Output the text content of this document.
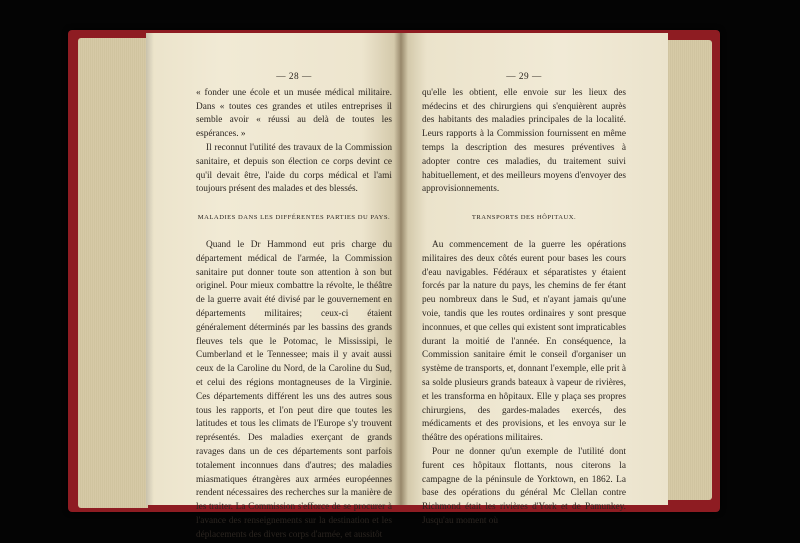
— 28 —

« fonder une école et un musée médical militaire. Dans « toutes ces grandes et utiles entreprises il semble avoir « réussi au delà de toutes les espérances. »

Il reconnut l'utilité des travaux de la Commission sanitaire, et depuis son élection ce corps devint ce qu'il devait être, l'aide du corps médical et l'ami toujours présent des malades et des blessés.

MALADIES DANS LES DIFFÉRENTES PARTIES DU PAYS.

Quand le Dr Hammond eut pris charge du département médical de l'armée, la Commission sanitaire put donner toute son attention à son but originel. Pour mieux combattre la révolte, le théâtre de la guerre avait été divisé par le gouvernement en départements militaires; ceux-ci étaient généralement déterminés par les bassins des grands fleuves tels que le Potomac, le Mississipi, le Cumberland et le Tennessee; mais il y avait aussi ceux de la Caroline du Nord, de la Caroline du Sud, et celui des régions montagneuses de la Virginie. Ces départements différent les uns des autres sous tous les rapports, et l'on peut dire que toutes les latitudes et tous les climats de l'Europe s'y trouvent représentés. Des maladies exerçant de grands ravages dans un de ces départements sont parfois totalement inconnues dans d'autres; des maladies miasmatiques étrangères aux armées européennes rendent nécessaires des recherches sur la manière de les traiter. La Commission s'efforce de se procurer à l'avance des renseignements sur la destination et les déplacements des divers corps d'armée, et aussitôt

— 29 —

qu'elle les obtient, elle envoie sur les lieux des médecins et des chirurgiens qui s'enquièrent auprès des habitants des maladies principales de la localité. Leurs rapports à la Commission fournissent en même temps la description des mesures préventives à adopter contre ces maladies, du traitement suivi habituellement, et des meilleurs moyens d'envoyer des approvisionnements.

TRANSPORTS DES HÔPITAUX.

Au commencement de la guerre les opérations militaires des deux côtés eurent pour bases les cours d'eau navigables. Fédéraux et séparatistes y étaient forcés par la nature du pays, les chemins de fer étant peu nombreux dans le Sud, et n'ayant jamais qu'une voie, tandis que les routes ordinaires y sont presque inconnues, et que celles qui existent sont impraticables durant la moitié de l'année. En conséquence, la Commission sanitaire émit le conseil d'organiser un système de transports, et, donnant l'exemple, elle prit à sa solde plusieurs grands bateaux à vapeur de rivières, et les transforma en hôpitaux. Elle y plaça ses propres chirurgiens, des gardes-malades exercés, des médicaments et des provisions, et les envoya sur le théâtre des opérations militaires.

Pour ne donner qu'un exemple de l'utilité dont furent ces hôpitaux flottants, nous citerons la campagne de la péninsule de Yorktown, en 1862. La base des opérations du général Mc Clellan contre Richmond était les rivières d'York et de Pamunkey. Jusqu'au moment où
